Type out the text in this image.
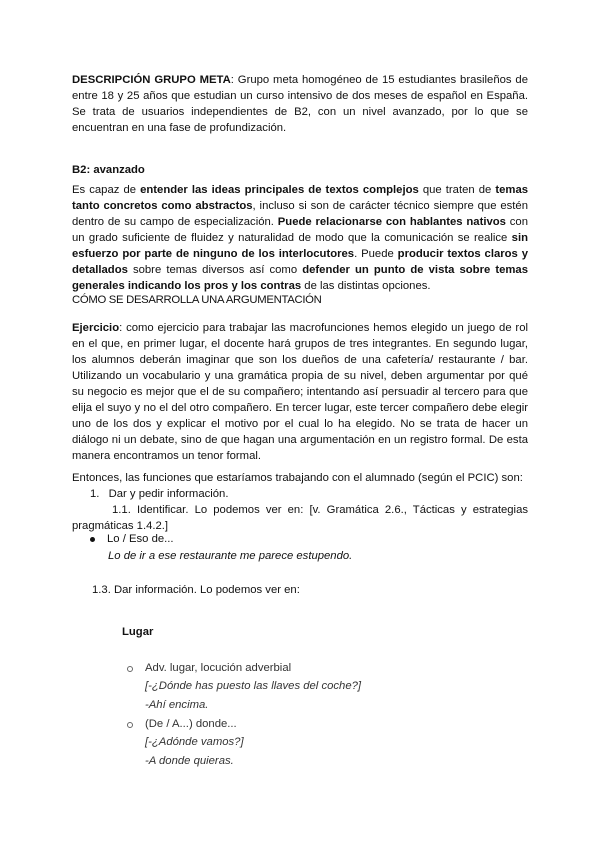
DESCRIPCIÓN GRUPO META: Grupo meta homogéneo de 15 estudiantes brasileños de entre 18 y 25 años que estudian un curso intensivo de dos meses de español en España. Se trata de usuarios independientes de B2, con un nivel avanzado, por lo que se encuentran en una fase de profundización.
B2: avanzado
Es capaz de entender las ideas principales de textos complejos que traten de temas tanto concretos como abstractos, incluso si son de carácter técnico siempre que estén dentro de su campo de especialización. Puede relacionarse con hablantes nativos con un grado suficiente de fluidez y naturalidad de modo que la comunicación se realice sin esfuerzo por parte de ninguno de los interlocutores. Puede producir textos claros y detallados sobre temas diversos así como defender un punto de vista sobre temas generales indicando los pros y los contras de las distintas opciones.
CÓMO SE DESARROLLA UNA ARGUMENTACIÓN
Ejercicio: como ejercicio para trabajar las macrofunciones hemos elegido un juego de rol en el que, en primer lugar, el docente hará grupos de tres integrantes. En segundo lugar, los alumnos deberán imaginar que son los dueños de una cafetería/ restaurante / bar. Utilizando un vocabulario y una gramática propia de su nivel, deben argumentar por qué su negocio es mejor que el de su compañero; intentando así persuadir al tercero para que elija el suyo y no el del otro compañero. En tercer lugar, este tercer compañero debe elegir uno de los dos y explicar el motivo por el cual lo ha elegido. No se trata de hacer un diálogo ni un debate, sino de que hagan una argumentación en un registro formal. De esta manera encontramos un tenor formal.
Entonces, las funciones que estaríamos trabajando con el alumnado (según el PCIC) son:
1. Dar y pedir información.
1.1. Identificar. Lo podemos ver en: [v. Gramática 2.6., Tácticas y estrategias pragmáticas 1.4.2.]
Lo / Eso de...
Lo de ir a ese restaurante me parece estupendo.
1.3. Dar información. Lo podemos ver en:
Lugar
Adv. lugar, locución adverbial
[-¿Dónde has puesto las llaves del coche?]
-Ahí encima.
(De / A...) donde...
[-¿Adónde vamos?]
-A donde quieras.
